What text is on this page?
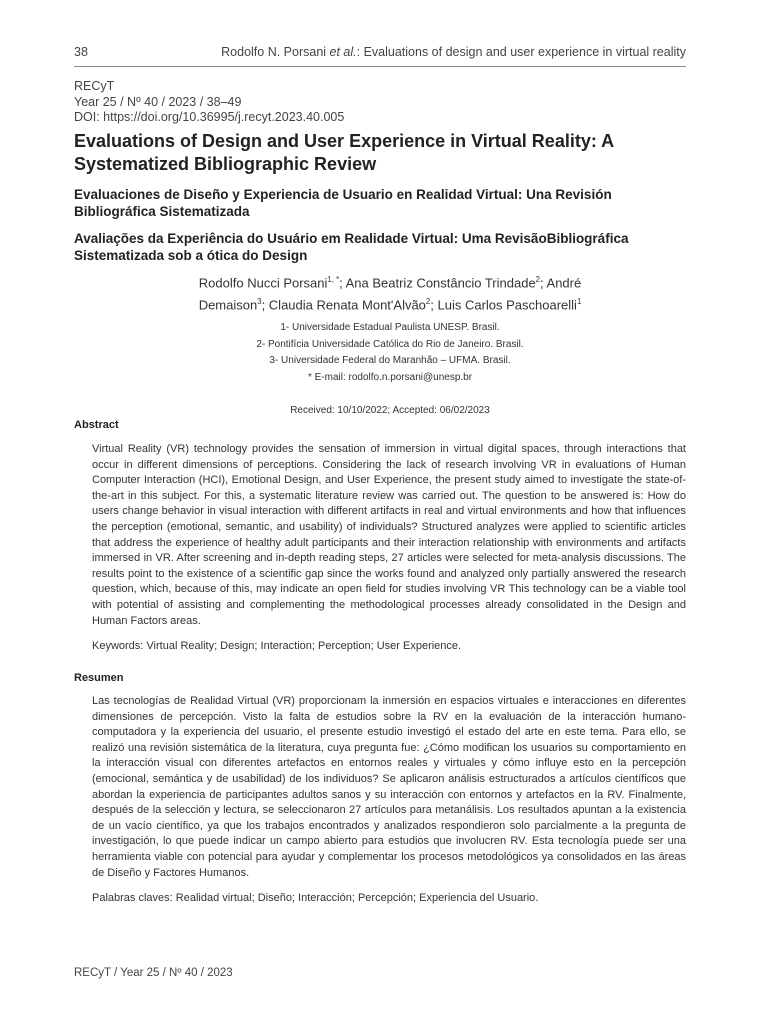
38	Rodolfo N. Porsani et al.: Evaluations of design and user experience in virtual reality
RECyT
Year 25 / Nº 40 / 2023 / 38–49
DOI: https://doi.org/10.36995/j.recyt.2023.40.005
Evaluations of Design and User Experience in Virtual Reality: A Systematized Bibliographic Review
Evaluaciones de Diseño y Experiencia de Usuario en Realidad Virtual: Una Revisión Bibliográfica Sistematizada
Avaliações da Experiência do Usuário em Realidade Virtual: Uma RevisãoBibliográfica Sistematizada sob a ótica do Design
Rodolfo Nucci Porsani$^{1, *}$; Ana Beatriz Constâncio Trindade$^2$; André
Demaison$^3$; Claudia Renata Mont'Alvão$^2$; Luis Carlos Paschoarelli$^1$
1- Universidade Estadual Paulista UNESP. Brasil.
2- Pontifícia Universidade Católica do Rio de Janeiro. Brasil.
3- Universidade Federal do Maranhão – UFMA. Brasil.
* E-mail: rodolfo.n.porsani@unesp.br
Received: 10/10/2022; Accepted: 06/02/2023
Abstract
Virtual Reality (VR) technology provides the sensation of immersion in virtual digital spaces, through interactions that occur in different dimensions of perceptions. Considering the lack of research involving VR in evaluations of Human Computer Interaction (HCI), Emotional Design, and User Experience, the present study aimed to investigate the state-of-the-art in this subject. For this, a systematic literature review was carried out. The question to be answered is: How do users change behavior in visual interaction with different artifacts in real and virtual environments and how that influences the perception (emotional, semantic, and usability) of individuals? Structured analyzes were applied to scientific articles that address the experience of healthy adult participants and their interaction relationship with environments and artifacts immersed in VR. After screening and in-depth reading steps, 27 articles were selected for meta-analysis discussions. The results point to the existence of a scientific gap since the works found and analyzed only partially answered the research question, which, because of this, may indicate an open field for studies involving VR This technology can be a viable tool with potential of assisting and complementing the methodological processes already consolidated in the Design and Human Factors areas.
Keywords: Virtual Reality; Design; Interaction; Perception; User Experience.
Resumen
Las tecnologías de Realidad Virtual (VR) proporcionam la inmersión en espacios virtuales e interacciones en diferentes dimensiones de percepción. Visto la falta de estudios sobre la RV en la evaluación de la interacción humano-computadora y la experiencia del usuario, el presente estudio investigó el estado del arte en este tema. Para ello, se realizó una revisión sistemática de la literatura, cuya pregunta fue: ¿Cómo modifican los usuarios su comportamiento en la interacción visual con diferentes artefactos en entornos reales y virtuales y cómo influye esto en la percepción (emocional, semántica y de usabilidad) de los individuos? Se aplicaron análisis estructurados a artículos científicos que abordan la experiencia de participantes adultos sanos y su interacción con entornos y artefactos en la RV. Finalmente, después de la selección y lectura, se seleccionaron 27 artículos para metanálisis. Los resultados apuntan a la existencia de un vacío científico, ya que los trabajos encontrados y analizados respondieron solo parcialmente a la pregunta de investigación, lo que puede indicar un campo abierto para estudios que involucren RV. Esta tecnología puede ser una herramienta viable con potencial para ayudar y complementar los procesos metodológicos ya consolidados en las áreas de Diseño y Factores Humanos.
Palabras claves: Realidad virtual; Diseño; Interacción; Percepción; Experiencia del Usuario.
RECyT / Year 25 / Nº 40 / 2023
